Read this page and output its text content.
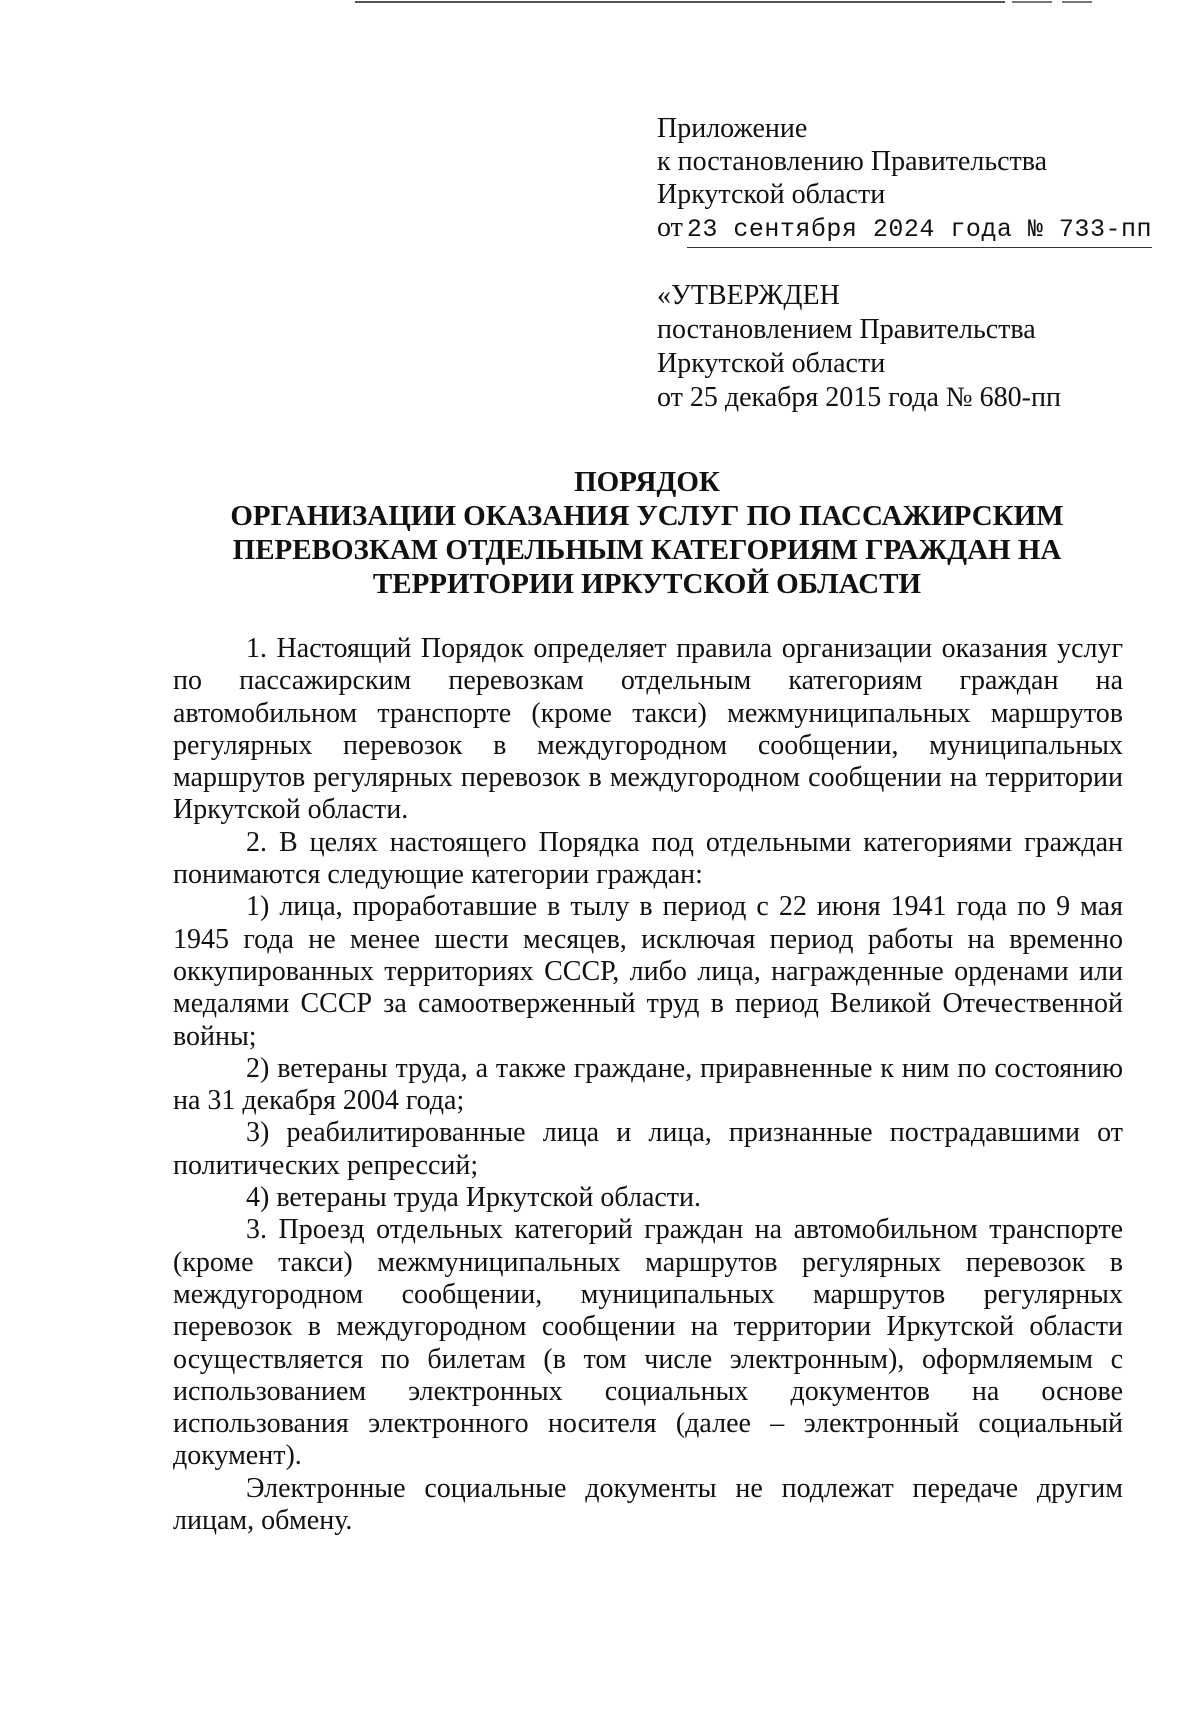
Приложение
к постановлению Правительства
Иркутской области
от 23 сентября 2024 года № 733-пп
«УТВЕРЖДЕН
постановлением Правительства
Иркутской области
от 25 декабря 2015 года № 680-пп
ПОРЯДОК
ОРГАНИЗАЦИИ ОКАЗАНИЯ УСЛУГ ПО ПАССАЖИРСКИМ
ПЕРЕВОЗКАМ ОТДЕЛЬНЫМ КАТЕГОРИЯМ ГРАЖДАН НА
ТЕРРИТОРИИ ИРКУТСКОЙ ОБЛАСТИ

1. Настоящий Порядок определяет правила организации оказания услуг по пассажирским перевозкам отдельным категориям граждан на автомобильном транспорте (кроме такси) межмуниципальных маршрутов регулярных перевозок в междугородном сообщении, муниципальных маршрутов регулярных перевозок в междугородном сообщении на территории Иркутской области.

2. В целях настоящего Порядка под отдельными категориями граждан понимаются следующие категории граждан:

1) лица, проработавшие в тылу в период с 22 июня 1941 года по 9 мая 1945 года не менее шести месяцев, исключая период работы на временно оккупированных территориях СССР, либо лица, награжденные орденами или медалями СССР за самоотверженный труд в период Великой Отечественной войны;

2) ветераны труда, а также граждане, приравненные к ним по состоянию на 31 декабря 2004 года;

3) реабилитированные лица и лица, признанные пострадавшими от политических репрессий;

4) ветераны труда Иркутской области.

3. Проезд отдельных категорий граждан на автомобильном транспорте (кроме такси) межмуниципальных маршрутов регулярных перевозок в междугородном сообщении, муниципальных маршрутов регулярных перевозок в междугородном сообщении на территории Иркутской области осуществляется по билетам (в том числе электронным), оформляемым с использованием электронных социальных документов на основе использования электронного носителя (далее – электронный социальный документ).

Электронные социальные документы не подлежат передаче другим лицам, обмену.
